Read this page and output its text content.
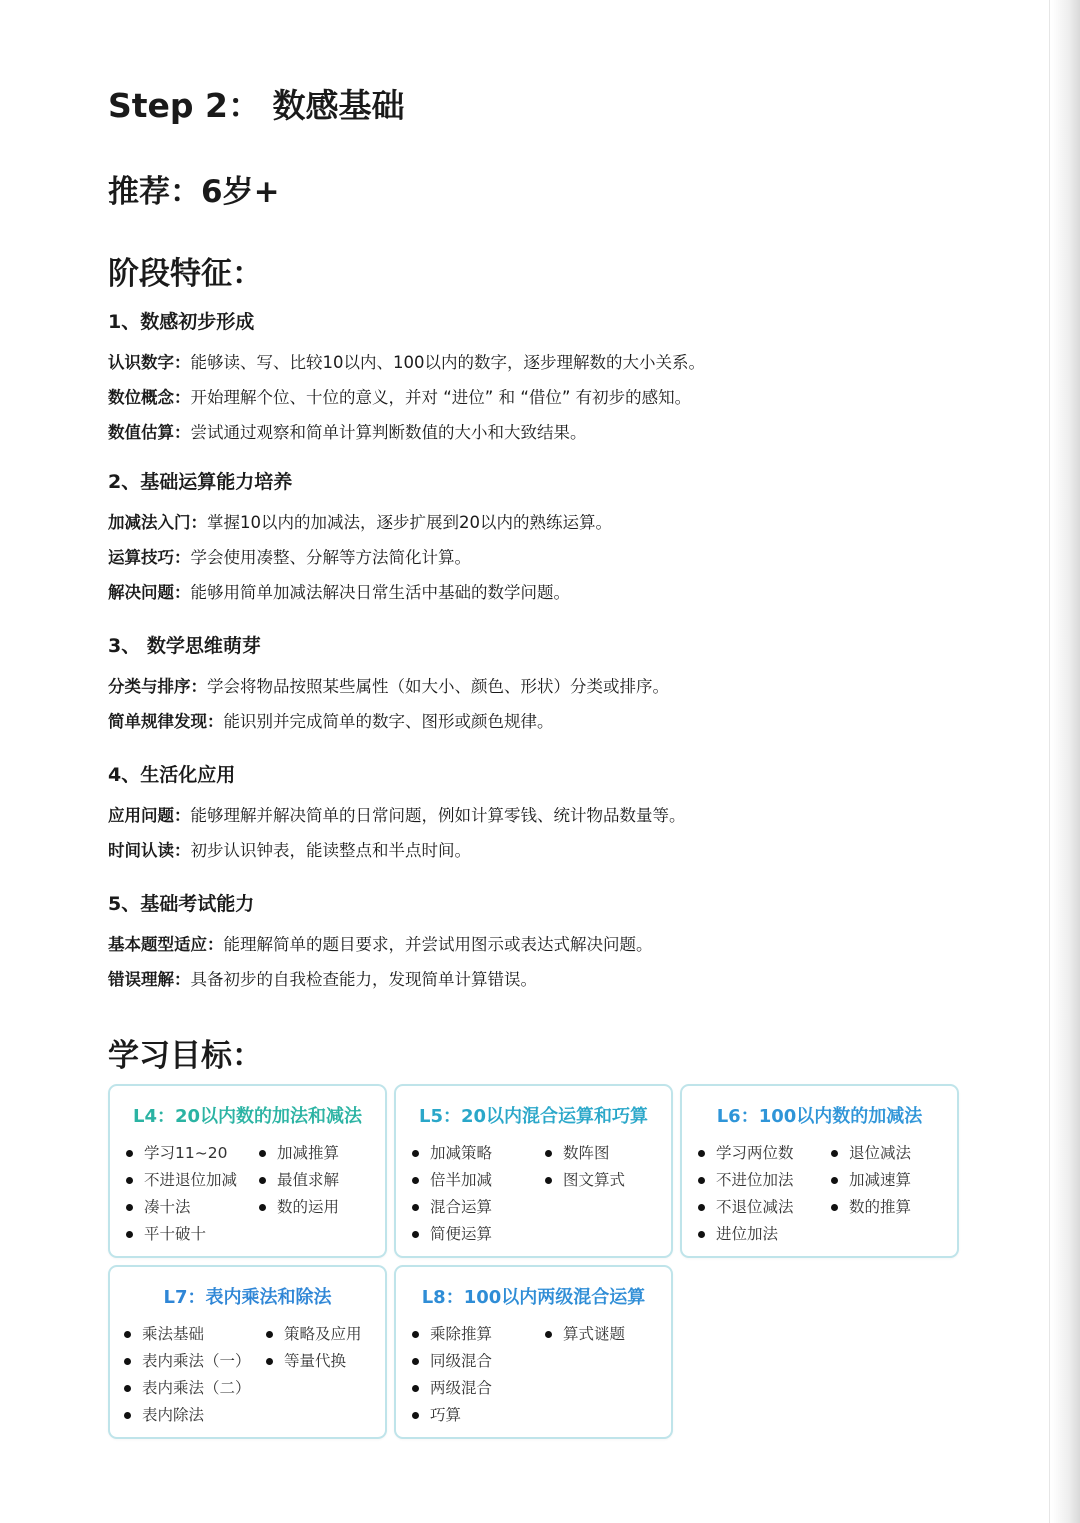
Step 2： 数感基础
推荐：6岁+
阶段特征：
1、数感初步形成

认识数字：能够读、写、比较10以内、100以内的数字，逐步理解数的大小关系。

数位概念：开始理解个位、十位的意义，并对 “进位” 和 “借位” 有初步的感知。

数值估算：尝试通过观察和简单计算判断数值的大小和大致结果。

2、基础运算能力培养

加减法入门：掌握10以内的加减法，逐步扩展到20以内的熟练运算。

运算技巧：学会使用凑整、分解等方法简化计算。

解决问题：能够用简单加减法解决日常生活中基础的数学问题。

3、 数学思维萌芽

分类与排序：学会将物品按照某些属性（如大小、颜色、形状）分类或排序。

简单规律发现：能识别并完成简单的数字、图形或颜色规律。

4、生活化应用

应用问题：能够理解并解决简单的日常问题，例如计算零钱、统计物品数量等。

时间认读：初步认识钟表，能读整点和半点时间。

5、基础考试能力

基本题型适应：能理解简单的题目要求，并尝试用图示或表达式解决问题。

错误理解：具备初步的自我检查能力，发现简单计算错误。

学习目标：

L4：20以内数的加法和减法

学习11~20
不进退位加减
凑十法
平十破十
加减推算
最值求解
数的运用

L5：20以内混合运算和巧算

加减策略
倍半加减
混合运算
简便运算
数阵图
图文算式

L6：100以内数的加减法

学习两位数
不进位加法
不退位减法
进位加法
退位减法
加减速算
数的推算

L7：表内乘法和除法

乘法基础
表内乘法（一）
表内乘法（二）
表内除法
策略及应用
等量代换

L8：100以内两级混合运算

乘除推算
同级混合
两级混合
巧算
算式谜题
